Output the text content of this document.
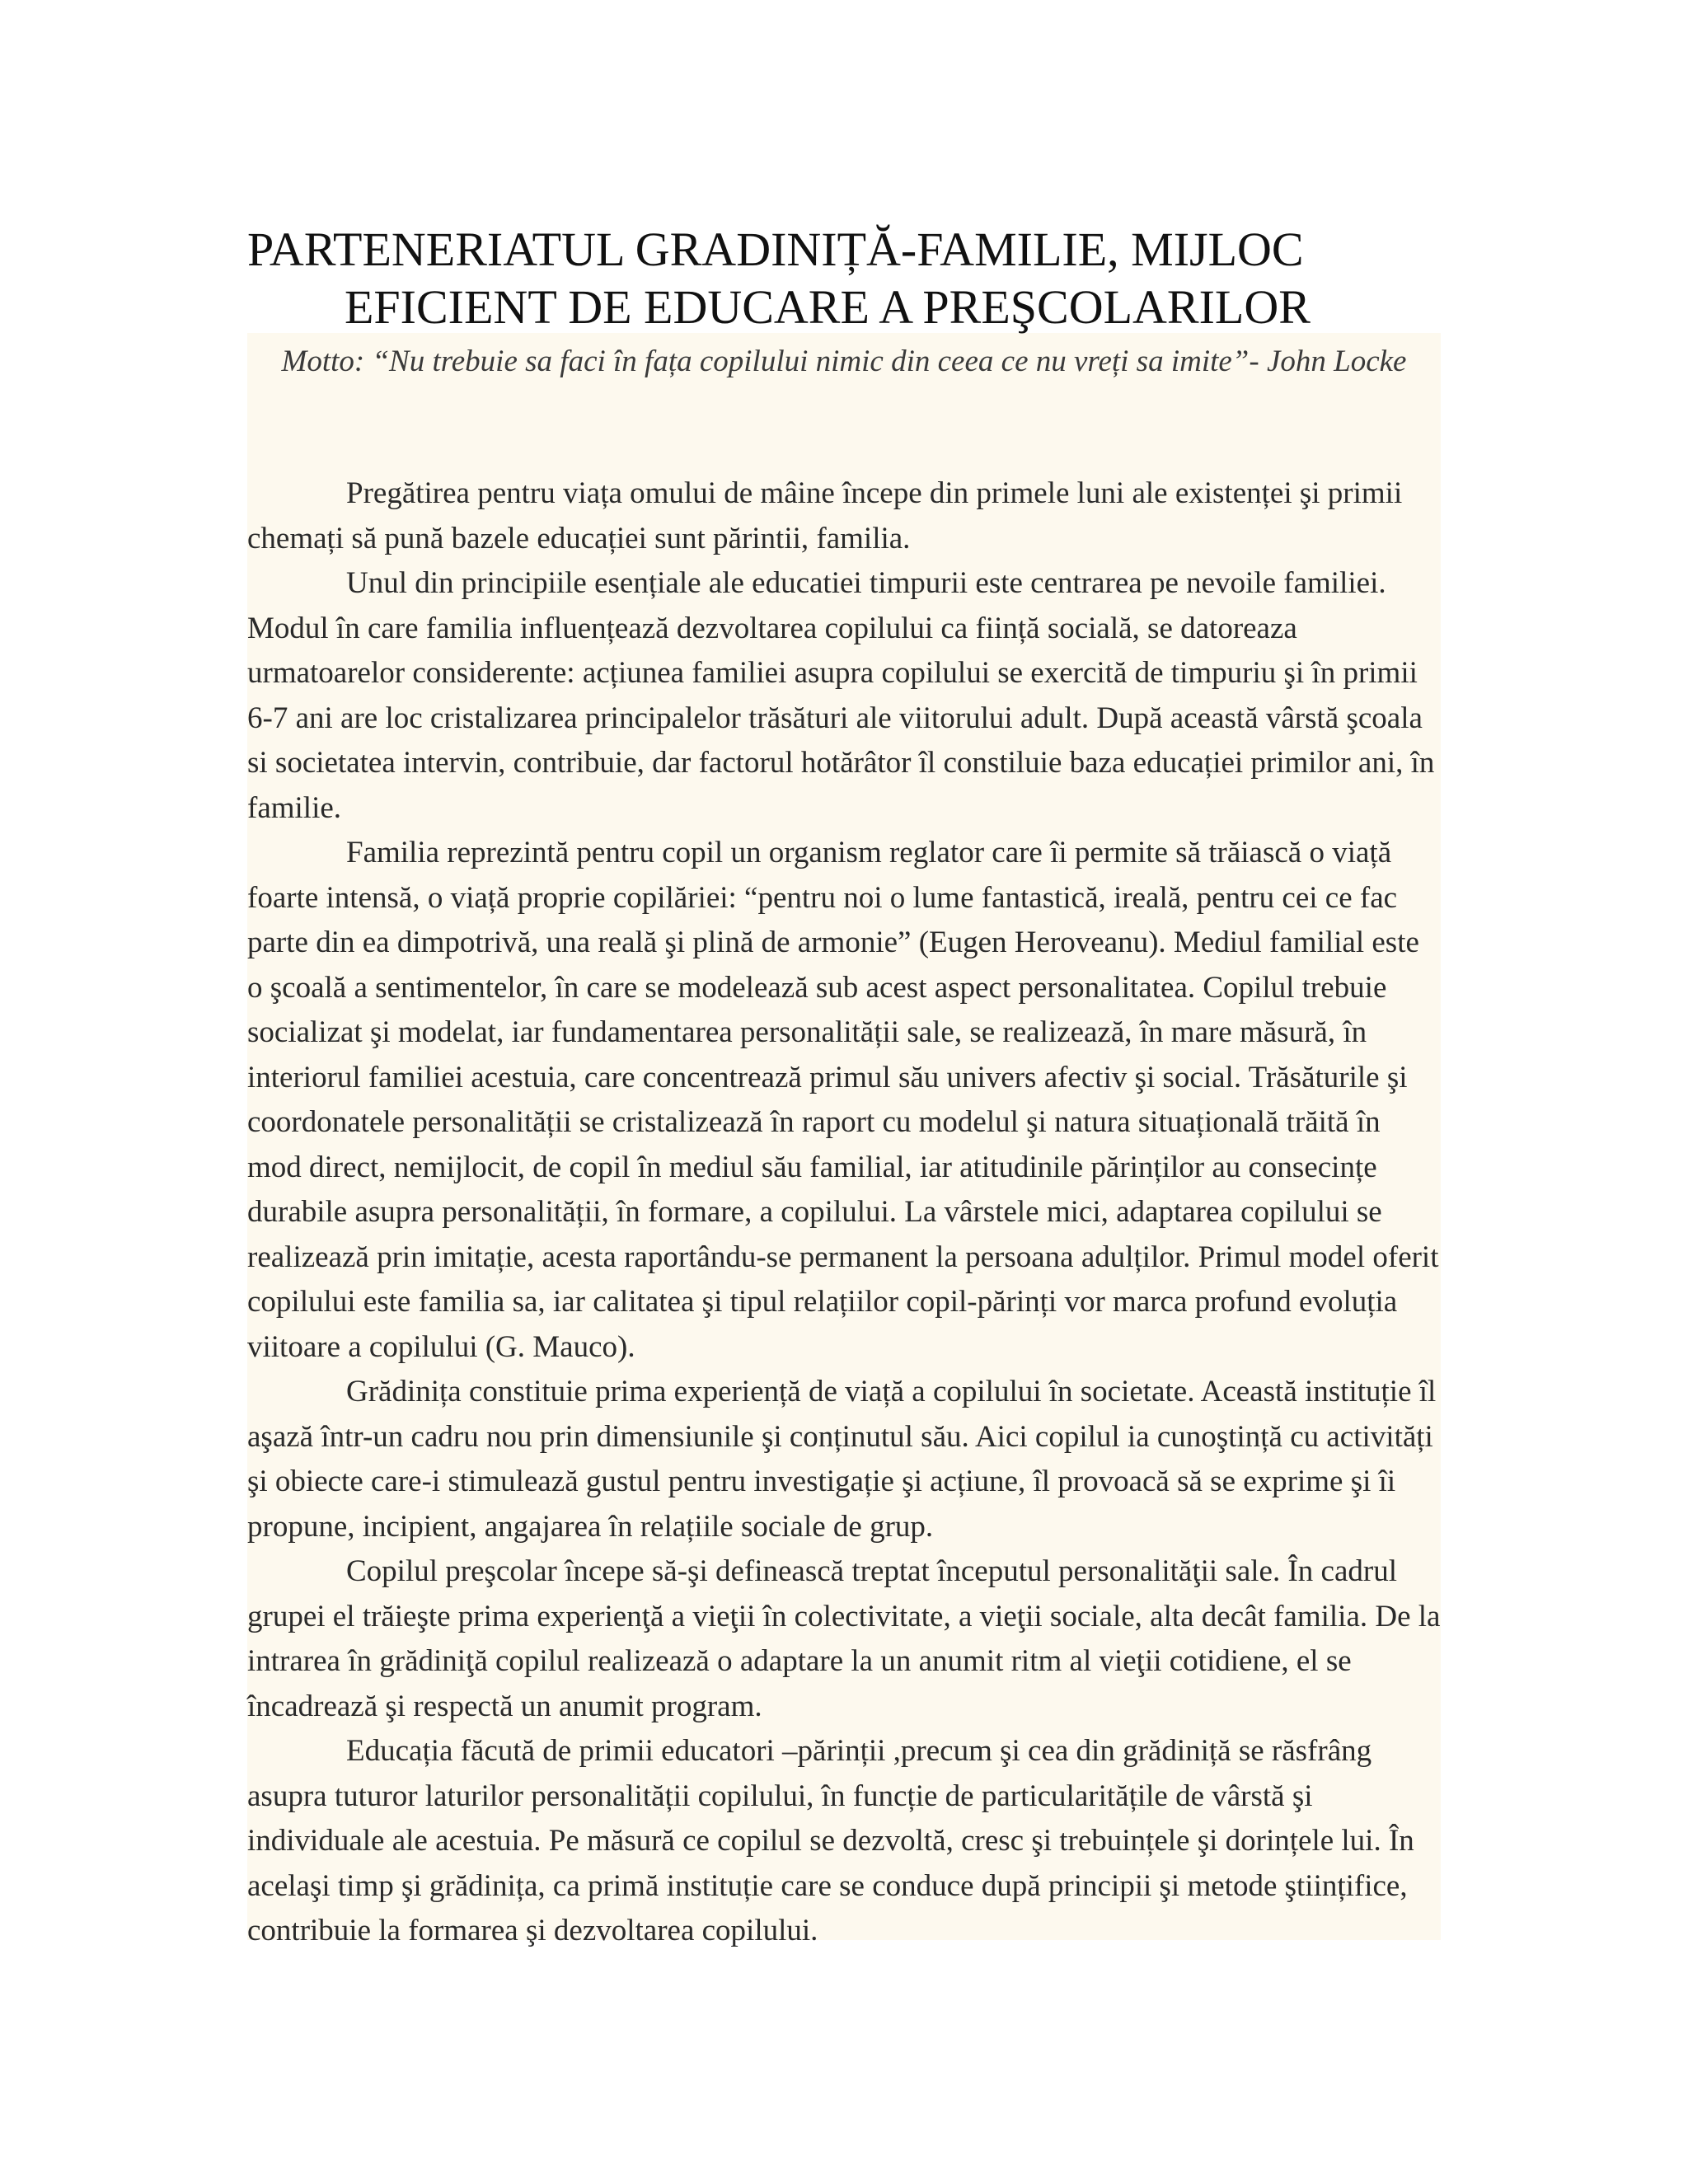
PARTENERIATUL GRADINIȚĂ-FAMILIE, MIJLOC
EFICIENT DE EDUCARE A PREŞCOLARILOR

Motto: “Nu trebuie sa faci în fața copilului nimic din ceea ce nu vreți sa imite”- John Locke

Pregătirea pentru viața omului de mâine începe din primele luni ale existenței şi primii chemați să pună bazele educației sunt părintii, familia.

Unul din principiile esențiale ale educatiei timpurii este centrarea pe nevoile familiei. Modul în care familia influențează dezvoltarea copilului ca ființă socială, se datoreaza urmatoarelor considerente: acțiunea familiei asupra copilului se exercită de timpuriu şi în primii 6-7 ani are loc cristalizarea principalelor trăsături ale viitorului adult. După această vârstă şcoala si societatea intervin, contribuie, dar factorul hotărâtor îl constiluie baza educației primilor ani, în familie.

Familia reprezintă pentru copil un organism reglator care îi permite să trăiască o viață foarte intensă, o viață proprie copilăriei: “pentru noi o lume fantastică, ireală, pentru cei ce fac parte din ea dimpotrivă, una reală şi plină de armonie” (Eugen Heroveanu). Mediul familial este o şcoală a sentimentelor, în care se modelează sub acest aspect personalitatea. Copilul trebuie socializat şi modelat, iar fundamentarea personalității sale, se realizează, în mare măsură, în interiorul familiei acestuia, care concentrează primul său univers afectiv şi social. Trăsăturile şi coordonatele personalității se cristalizează în raport cu modelul şi natura situațională trăită în mod direct, nemijlocit, de copil în mediul său familial, iar atitudinile părinților au consecințe durabile asupra personalității, în formare, a copilului. La vârstele mici, adaptarea copilului se realizează prin imitație, acesta raportându-se permanent la persoana adulților. Primul model oferit copilului este familia sa, iar calitatea şi tipul relațiilor copil-părinți vor marca profund evoluția viitoare a copilului (G. Mauco).

Grădinița constituie prima experiență de viață a copilului în societate. Această instituție îl aşază într-un cadru nou prin dimensiunile şi conținutul său. Aici copilul ia cunoştință cu activități şi obiecte care-i stimulează gustul pentru investigație şi acțiune, îl provoacă să se exprime şi îi propune, incipient, angajarea în relațiile sociale de grup.

Copilul preşcolar începe să-şi definească treptat începutul personalităţii sale. În cadrul grupei el trăieşte prima experienţă a vieţii în colectivitate, a vieţii sociale, alta decât familia. De la intrarea în grădiniţă copilul realizează o adaptare la un anumit ritm al vieţii cotidiene, el se încadrează şi respectă un anumit program.

Educația făcută de primii educatori –părinții ,precum şi cea din grădiniță se răsfrâng asupra tuturor laturilor personalității copilului, în funcție de particularitățile de vârstă şi individuale ale acestuia. Pe măsură ce copilul se dezvoltă, cresc şi trebuințele şi dorințele lui. În acelaşi timp şi grădinița, ca primă instituție care se conduce după principii şi metode ştiințifice, contribuie la formarea şi dezvoltarea copilului.
